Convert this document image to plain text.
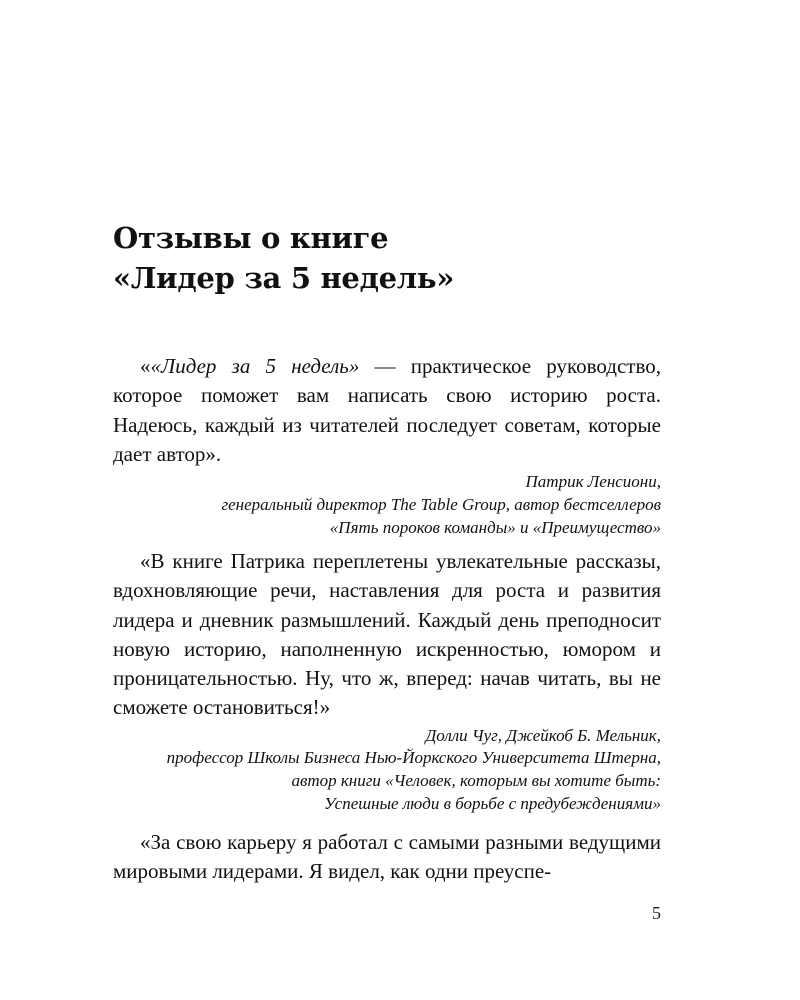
Отзывы о книге
«Лидер за 5 недель»

««Лидер за 5 недель» — практическое руководство, которое поможет вам написать свою историю роста. Надеюсь, каждый из читателей последует советам, которые дает автор».

Патрик Ленсиони,
генеральный директор The Table Group, автор бестселлеров
«Пять пороков команды» и «Преимущество»

«В книге Патрика переплетены увлекательные рассказы, вдохновляющие речи, наставления для роста и развития лидера и дневник размышлений. Каждый день преподносит новую историю, наполненную искренностью, юмором и проницательностью. Ну, что ж, вперед: начав читать, вы не сможете остановиться!»

Долли Чуг, Джейкоб Б. Мельник,
профессор Школы Бизнеса Нью-Йоркского Университета Штерна,
автор книги «Человек, которым вы хотите быть:
Успешные люди в борьбе с предубеждениями»

«За свою карьеру я работал с самыми разными ведущими мировыми лидерами. Я видел, как одни преуспе-

5
